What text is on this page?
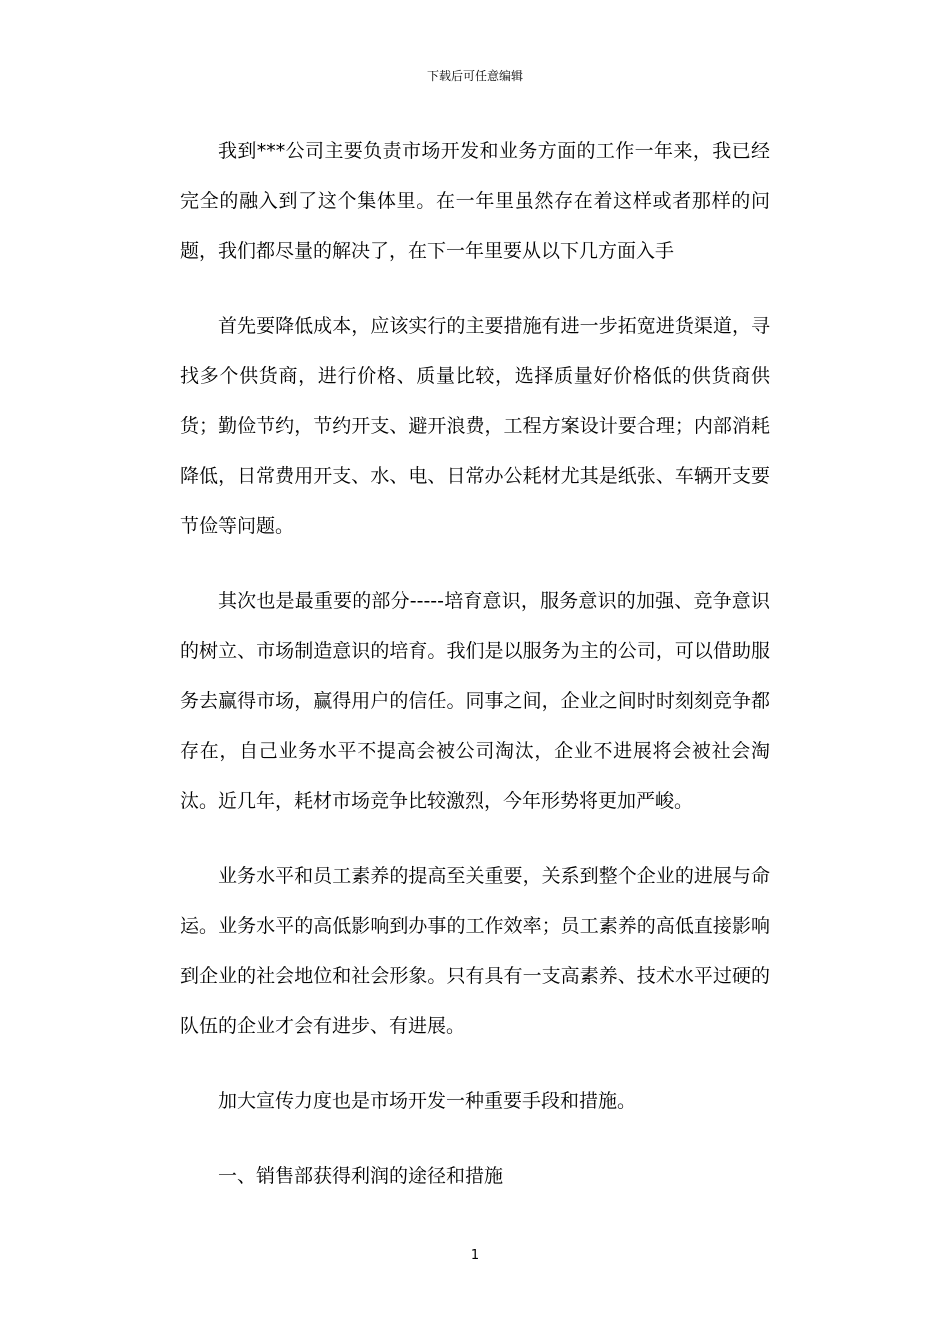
下载后可任意编辑

我到***公司主要负责市场开发和业务方面的工作一年来，我已经完全的融入到了这个集体里。在一年里虽然存在着这样或者那样的问题，我们都尽量的解决了，在下一年里要从以下几方面入手

首先要降低成本，应该实行的主要措施有进一步拓宽进货渠道，寻找多个供货商，进行价格、质量比较，选择质量好价格低的供货商供货；勤俭节约，节约开支、避开浪费，工程方案设计要合理；内部消耗降低，日常费用开支、水、电、日常办公耗材尤其是纸张、车辆开支要节俭等问题。

其次也是最重要的部分-----培育意识，服务意识的加强、竞争意识的树立、市场制造意识的培育。我们是以服务为主的公司，可以借助服务去赢得市场，赢得用户的信任。同事之间，企业之间时时刻刻竞争都存在，自己业务水平不提高会被公司淘汰，企业不进展将会被社会淘汰。近几年，耗材市场竞争比较激烈，今年形势将更加严峻。

业务水平和员工素养的提高至关重要，关系到整个企业的进展与命运。业务水平的高低影响到办事的工作效率；员工素养的高低直接影响到企业的社会地位和社会形象。只有具有一支高素养、技术水平过硬的队伍的企业才会有进步、有进展。

加大宣传力度也是市场开发一种重要手段和措施。

一、销售部获得利润的途径和措施

1
